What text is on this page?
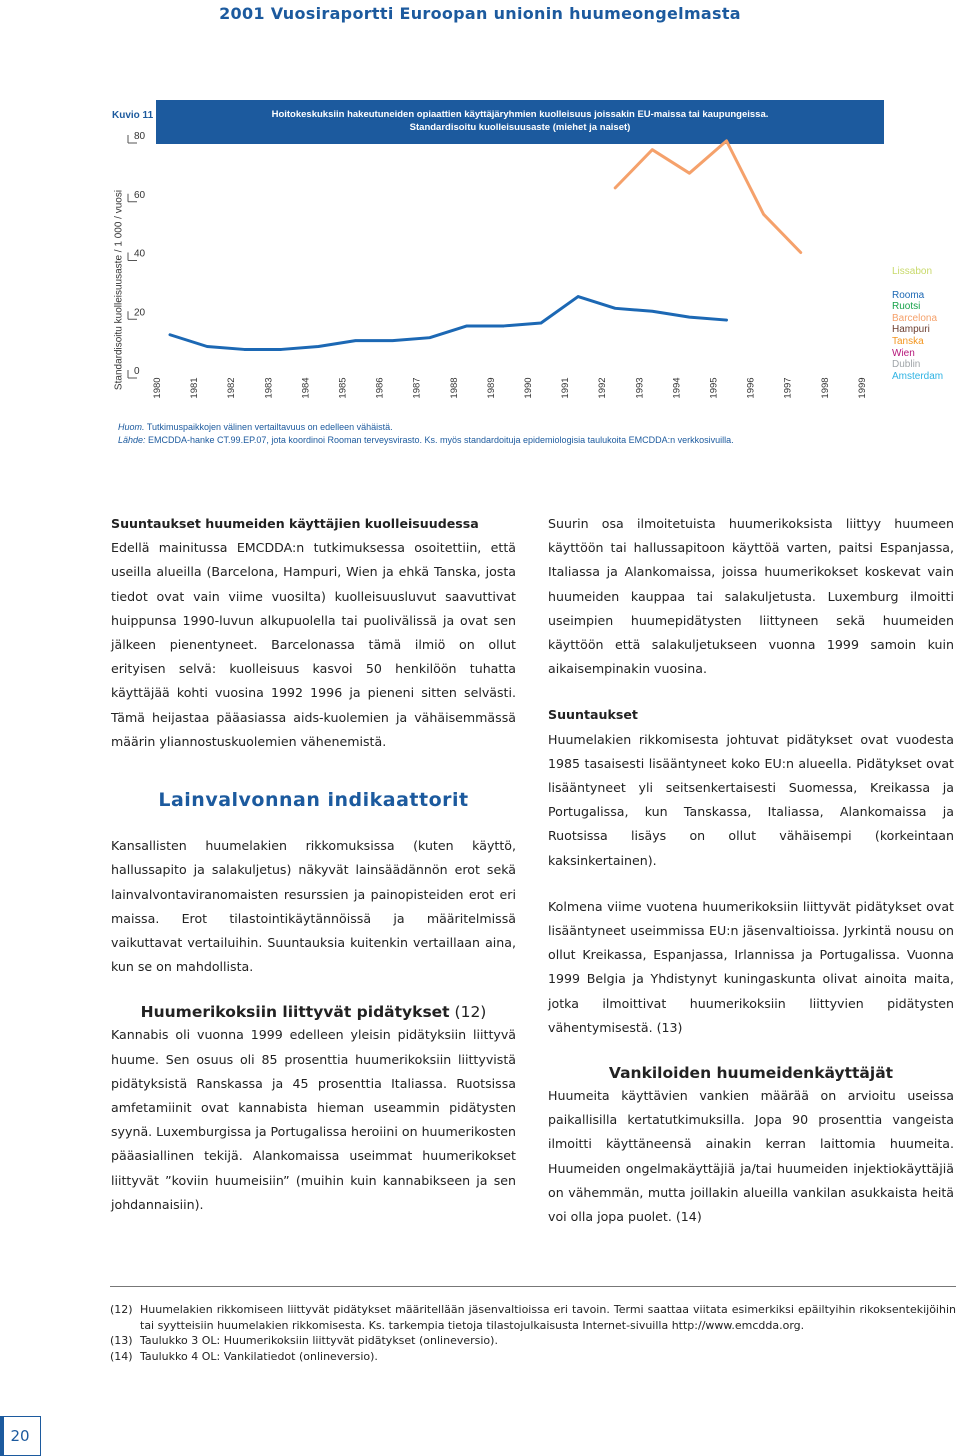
2001 Vuosiraportti Euroopan unionin huumeongelmasta
Kuvio 11	Hoitokeskuksiin hakeutuneiden opiaattien käyttäjäryhmien kuolleisuus joissakin EU-maissa tai kaupungeissa.
Standardisoitu kuolleisuusaste (miehet ja naiset)
Standardisoitu kuolleisuusaste / 1 000 / vuosi
80
60
40
20
0
1980	1981	1982	1983	1984	1985	1986	1987	1988	1989	1990	1991	1992	1993	1994	1995	1996	1997	1998	1999
Lissabon
Rooma
Ruotsi
Barcelona
Hampuri
Tanska
Wien
Dublin
Amsterdam
Huom. Tutkimuspaikkojen välinen vertailtavuus on edelleen vähäistä.
Lähde: EMCDDA-hanke CT.99.EP.07, jota koordinoi Rooman terveysvirasto. Ks. myös standardoituja epidemiologisia taulukoita EMCDDA:n verkkosivuilla.

Suuntaukset huumeiden käyttäjien kuolleisuudessa

Edellä mainitussa EMCDDA:n tutkimuksessa osoitettiin, että useilla alueilla (Barcelona, Hampuri, Wien ja ehkä Tanska, josta tiedot ovat vain viime vuosilta) kuolleisuusluvut saavuttivat huippunsa 1990-luvun alkupuolella tai puolivälissä ja ovat sen jälkeen pienentyneet. Barcelonassa tämä ilmiö on ollut erityisen selvä: kuolleisuus kasvoi 50 henkilöön tuhatta käyttäjää kohti vuosina 1992 1996 ja pieneni sitten selvästi. Tämä heijastaa pääasiassa aids-kuolemien ja vähäisemmässä määrin yliannostuskuolemien vähenemistä.

Lainvalvonnan indikaattorit

Kansallisten huumelakien rikkomuksissa (kuten käyttö, hallussapito ja salakuljetus) näkyvät lainsäädännön erot sekä lainvalvontaviranomaisten resurssien ja painopisteiden erot eri maissa. Erot tilastointikäytännöissä ja määritelmissä vaikuttavat vertailuihin. Suuntauksia kuitenkin vertaillaan aina, kun se on mahdollista.

Huumerikoksiin liittyvät pidätykset (12)

Kannabis oli vuonna 1999 edelleen yleisin pidätyksiin liittyvä huume. Sen osuus oli 85 prosenttia huumerikoksiin liittyvistä pidätyksistä Ranskassa ja 45 prosenttia Italiassa. Ruotsissa amfetamiinit ovat kannabista hieman useammin pidätysten syynä. Luxemburgissa ja Portugalissa heroiini on huumerikosten pääasiallinen tekijä. Alankomaissa useimmat huumerikokset liittyvät ”koviin huumeisiin” (muihin kuin kannabikseen ja sen johdannaisiin).

Suurin osa ilmoitetuista huumerikoksista liittyy huumeen käyttöön tai hallussapitoon käyttöä varten, paitsi Espanjassa, Italiassa ja Alankomaissa, joissa huumerikokset koskevat vain huumeiden kauppaa tai salakuljetusta. Luxemburg ilmoitti useimpien huumepidätysten liittyneen sekä huumeiden käyttöön että salakuljetukseen vuonna 1999 samoin kuin aikaisempinakin vuosina.

Suuntaukset

Huumelakien rikkomisesta johtuvat pidätykset ovat vuodesta 1985 tasaisesti lisääntyneet koko EU:n alueella. Pidätykset ovat lisääntyneet yli seitsenkertaisesti Suomessa, Kreikassa ja Portugalissa, kun Tanskassa, Italiassa, Alankomaissa ja Ruotsissa lisäys on ollut vähäisempi (korkeintaan kaksinkertainen).

Kolmena viime vuotena huumerikoksiin liittyvät pidätykset ovat lisääntyneet useimmissa EU:n jäsenvaltioissa. Jyrkintä nousu on ollut Kreikassa, Espanjassa, Irlannissa ja Portugalissa. Vuonna 1999 Belgia ja Yhdistynyt kuningaskunta olivat ainoita maita, jotka ilmoittivat huumerikoksiin liittyvien pidätysten vähentymisestä. (13)

Vankiloiden huumeidenkäyttäjät

Huumeita käyttävien vankien määrää on arvioitu useissa paikallisilla kertatutkimuksilla. Jopa 90 prosenttia vangeista ilmoitti käyttäneensä ainakin kerran laittomia huumeita. Huumeiden ongelmakäyttäjiä ja/tai huumeiden injektiokäyttäjiä on vähemmän, mutta joillakin alueilla vankilan asukkaista heitä voi olla jopa puolet. (14)

(12) Huumelakien rikkomiseen liittyvät pidätykset määritellään jäsenvaltioissa eri tavoin. Termi saattaa viitata esimerkiksi epäiltyihin rikoksentekijöihin tai syytteisiin huumelakien rikkomisesta. Ks. tarkempia tietoja tilastojulkaisusta Internet-sivuilla http://www.emcdda.org.
(13) Taulukko 3 OL: Huumerikoksiin liittyvät pidätykset (onlineversio).
(14) Taulukko 4 OL: Vankilatiedot (onlineversio).
20
